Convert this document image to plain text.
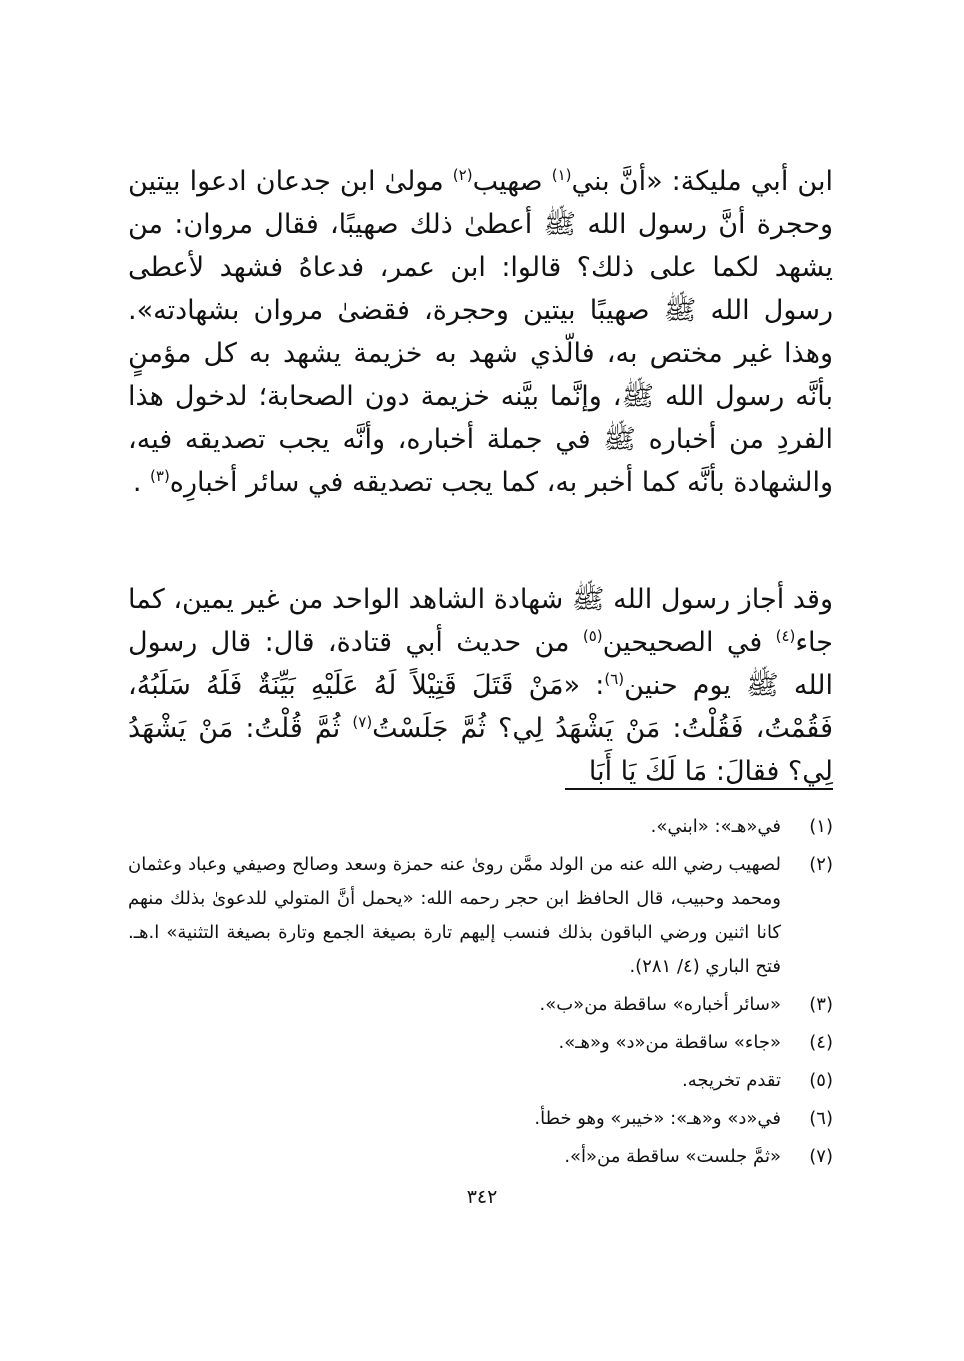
ابن أبي مليكة: «أنَّ بني$^{(١)}$ صهيب$^{(٢)}$ مولىٰ ابن جدعان ادعوا بيتين وحجرة أنَّ رسول الله ﷺ أعطىٰ ذلك صهيبًا، فقال مروان: من يشهد لكما على ذلك؟ قالوا: ابن عمر، فدعاهُ فشهد لأعطى رسول الله ﷺ صهيبًا بيتين وحجرة، فقضىٰ مروان بشهادته». وهذا غير مختص به، فالّذي شهد به خزيمة يشهد به كل مؤمنٍ بأنَّه رسول الله ﷺ، وإنَّما بيَّنه خزيمة دون الصحابة؛ لدخول هذا الفردِ من أخباره ﷺ في جملة أخباره، وأنَّه يجب تصديقه فيه، والشهادة بأنَّه كما أخبر به، كما يجب تصديقه في سائر أخبارِه$^{(٣)}$ .

وقد أجاز رسول الله ﷺ شهادة الشاهد الواحد من غير يمين، كما جاء$^{(٤)}$ في الصحيحين$^{(٥)}$ من حديث أبي قتادة، قال: قال رسول الله ﷺ يوم حنين$^{(٦)}$: «مَنْ قَتَلَ قَتِيْلاً لَهُ عَلَيْهِ بَيِّنَةٌ فَلَهُ سَلَبُهُ، فَقُمْتُ، فَقُلْتُ: مَنْ يَشْهَدُ لِي؟ ثُمَّ جَلَسْتُ$^{(٧)}$ ثُمَّ قُلْتُ: مَنْ يَشْهَدُ لِي؟ فقالَ: مَا لَكَ يَا أَبَا

(١)
في«هـ»: «ابني».
(٢)
لصهيب رضي الله عنه من الولد ممَّن روىٰ عنه حمزة وسعد وصالح وصيفي وعباد وعثمان ومحمد وحبيب، قال الحافظ ابن حجر رحمه الله: «يحمل أنَّ المتولي للدعوىٰ بذلك منهم كانا اثنين ورضي الباقون بذلك فنسب إليهم تارة بصيغة الجمع وتارة بصيغة التثنية» ا.هـ. فتح الباري (٤/ ٢٨١).
(٣)
«سائر أخباره» ساقطة من«ب».
(٤)
«جاء» ساقطة من«د» و«هـ».
(٥)
تقدم تخريجه.
(٦)
في«د» و«هـ»: «خيبر» وهو خطأ.
(٧)
«ثمَّ جلست» ساقطة من«أ».
٣٤٢
